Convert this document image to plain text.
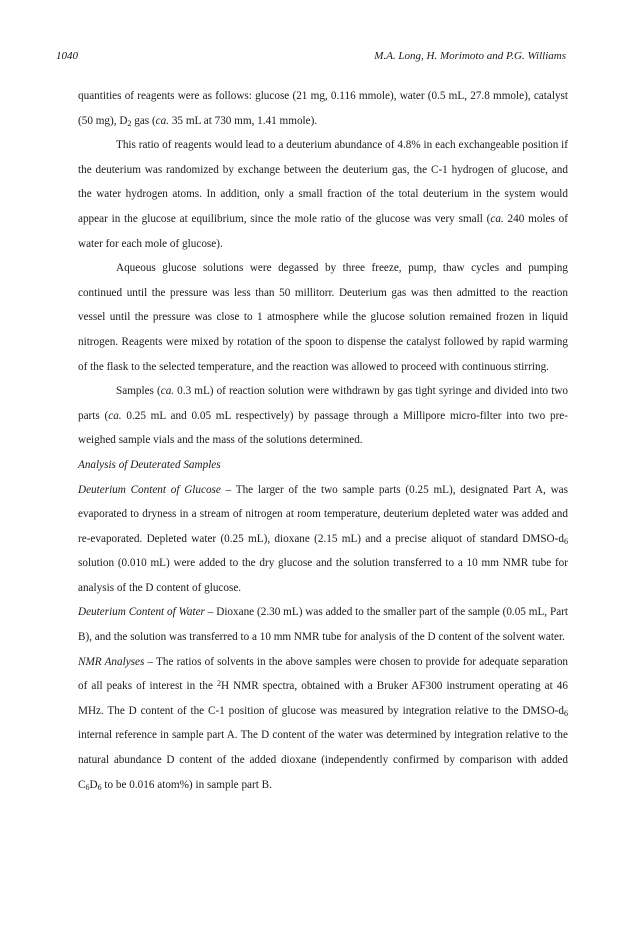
1040	M.A. Long, H. Morimoto and P.G. Williams

quantities of reagents were as follows: glucose (21 mg, 0.116 mmole), water (0.5 mL, 27.8 mmole), catalyst (50 mg), $D_2$ gas (ca. 35 mL at 730 mm, 1.41 mmole).

This ratio of reagents would lead to a deuterium abundance of 4.8% in each exchangeable position if the deuterium was randomized by exchange between the deuterium gas, the C-1 hydrogen of glucose, and the water hydrogen atoms. In addition, only a small fraction of the total deuterium in the system would appear in the glucose at equilibrium, since the mole ratio of the glucose was very small (ca. 240 moles of water for each mole of glucose).

Aqueous glucose solutions were degassed by three freeze, pump, thaw cycles and pumping continued until the pressure was less than 50 millitorr. Deuterium gas was then admitted to the reaction vessel until the pressure was close to 1 atmosphere while the glucose solution remained frozen in liquid nitrogen. Reagents were mixed by rotation of the spoon to dispense the catalyst followed by rapid warming of the flask to the selected temperature, and the reaction was allowed to proceed with continuous stirring.

Samples (ca. 0.3 mL) of reaction solution were withdrawn by gas tight syringe and divided into two parts (ca. 0.25 mL and 0.05 mL respectively) by passage through a Millipore micro-filter into two pre-weighed sample vials and the mass of the solutions determined.

Analysis of Deuterated Samples

Deuterium Content of Glucose – The larger of the two sample parts (0.25 mL), designated Part A, was evaporated to dryness in a stream of nitrogen at room temperature, deuterium depleted water was added and re-evaporated. Depleted water (0.25 mL), dioxane (2.15 mL) and a precise aliquot of standard DMSO-$d_6$ solution (0.010 mL) were added to the dry glucose and the solution transferred to a 10 mm NMR tube for analysis of the D content of glucose.

Deuterium Content of Water – Dioxane (2.30 mL) was added to the smaller part of the sample (0.05 mL, Part B), and the solution was transferred to a 10 mm NMR tube for analysis of the D content of the solvent water.

NMR Analyses – The ratios of solvents in the above samples were chosen to provide for adequate separation of all peaks of interest in the $^2$H NMR spectra, obtained with a Bruker AF300 instrument operating at 46 MHz. The D content of the C-1 position of glucose was measured by integration relative to the DMSO-$d_6$ internal reference in sample part A. The D content of the water was determined by integration relative to the natural abundance D content of the added dioxane (independently confirmed by comparison with added $C_6D_6$ to be 0.016 atom%) in sample part B.
